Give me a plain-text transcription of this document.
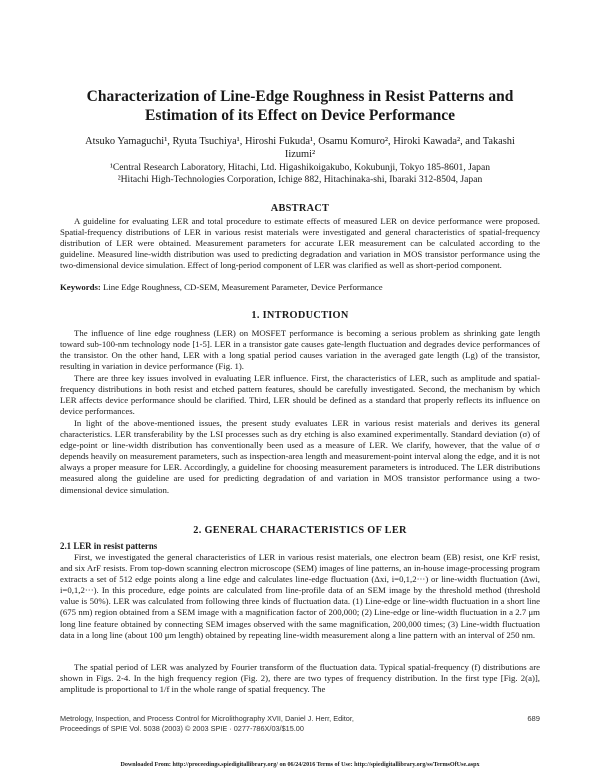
Characterization of Line-Edge Roughness in Resist Patterns and Estimation of its Effect on Device Performance
Atsuko Yamaguchi¹, Ryuta Tsuchiya¹, Hiroshi Fukuda¹, Osamu Komuro², Hiroki Kawada², and Takashi Iizumi²
¹Central Research Laboratory, Hitachi, Ltd. Higashikoigakubo, Kokubunji, Tokyo 185-8601, Japan
²Hitachi High-Technologies Corporation, Ichige 882, Hitachinaka-shi, Ibaraki 312-8504, Japan
ABSTRACT

A guideline for evaluating LER and total procedure to estimate effects of measured LER on device performance were proposed. Spatial-frequency distributions of LER in various resist materials were investigated and general characteristics of spatial-frequency distribution of LER were obtained. Measurement parameters for accurate LER measurement can be calculated according to the guideline. Measured line-width distribution was used to predicting degradation and variation in MOS transistor performance using the two-dimensional device simulation. Effect of long-period component of LER was clarified as well as short-period component.

Keywords: Line Edge Roughness, CD-SEM, Measurement Parameter, Device Performance

1. INTRODUCTION

The influence of line edge roughness (LER) on MOSFET performance is becoming a serious problem as shrinking gate length toward sub-100-nm technology node [1-5]. LER in a transistor gate causes gate-length fluctuation and degrades device performances of the transistor. On the other hand, LER with a long spatial period causes variation in the averaged gate length (Lg) of the transistor, resulting in variation in device performance (Fig. 1).

There are three key issues involved in evaluating LER influence. First, the characteristics of LER, such as amplitude and spatial-frequency distributions in both resist and etched pattern features, should be carefully investigated. Second, the mechanism by which LER affects device performance should be clarified. Third, LER should be defined as a standard that properly reflects its influence on device performances.

In light of the above-mentioned issues, the present study evaluates LER in various resist materials and derives its general characteristics. LER transferability by the LSI processes such as dry etching is also examined experimentally. Standard deviation (σ) of edge-point or line-width distribution has conventionally been used as a measure of LER. We clarify, however, that the value of σ depends heavily on measurement parameters, such as inspection-area length and measurement-point interval along the edge, and it is not always a proper measure for LER. Accordingly, a guideline for choosing measurement parameters is introduced. The LER distributions measured along the guideline are used for predicting degradation of and variation in MOS transistor performance using a two-dimensional device simulation.

2. GENERAL CHARACTERISTICS OF LER
2.1 LER in resist patterns

First, we investigated the general characteristics of LER in various resist materials, one electron beam (EB) resist, one KrF resist, and six ArF resists. From top-down scanning electron microscope (SEM) images of line patterns, an in-house image-processing program extracts a set of 512 edge points along a line edge and calculates line-edge fluctuation (Δxi, i=0,1,2···) or line-width fluctuation (Δwi, i=0,1,2···). In this procedure, edge points are calculated from line-profile data of an SEM image by the threshold method (threshold value is 50%). LER was calculated from following three kinds of fluctuation data. (1) Line-edge or line-width fluctuation in a short line (675 nm) region obtained from a SEM image with a magnification factor of 200,000; (2) Line-edge or line-width fluctuation in a 2.7 μm long line feature obtained by connecting SEM images observed with the same magnification, 200,000 times; (3) Line-width fluctuation data in a long line (about 100 μm length) obtained by repeating line-width measurement along a line pattern with an interval of 250 nm.

The spatial period of LER was analyzed by Fourier transform of the fluctuation data. Typical spatial-frequency (f) distributions are shown in Figs. 2-4. In the high frequency region (Fig. 2), there are two types of frequency distribution. In the first type [Fig. 2(a)], amplitude is proportional to 1/f in the whole range of spatial frequency. The

Metrology, Inspection, and Process Control for Microlithography XVII, Daniel J. Herr, Editor,
Proceedings of SPIE Vol. 5038 (2003) © 2003 SPIE · 0277-786X/03/$15.00
689
Downloaded From: http://proceedings.spiedigitallibrary.org/ on 06/24/2016 Terms of Use: http://spiedigitallibrary.org/ss/TermsOfUse.aspx
